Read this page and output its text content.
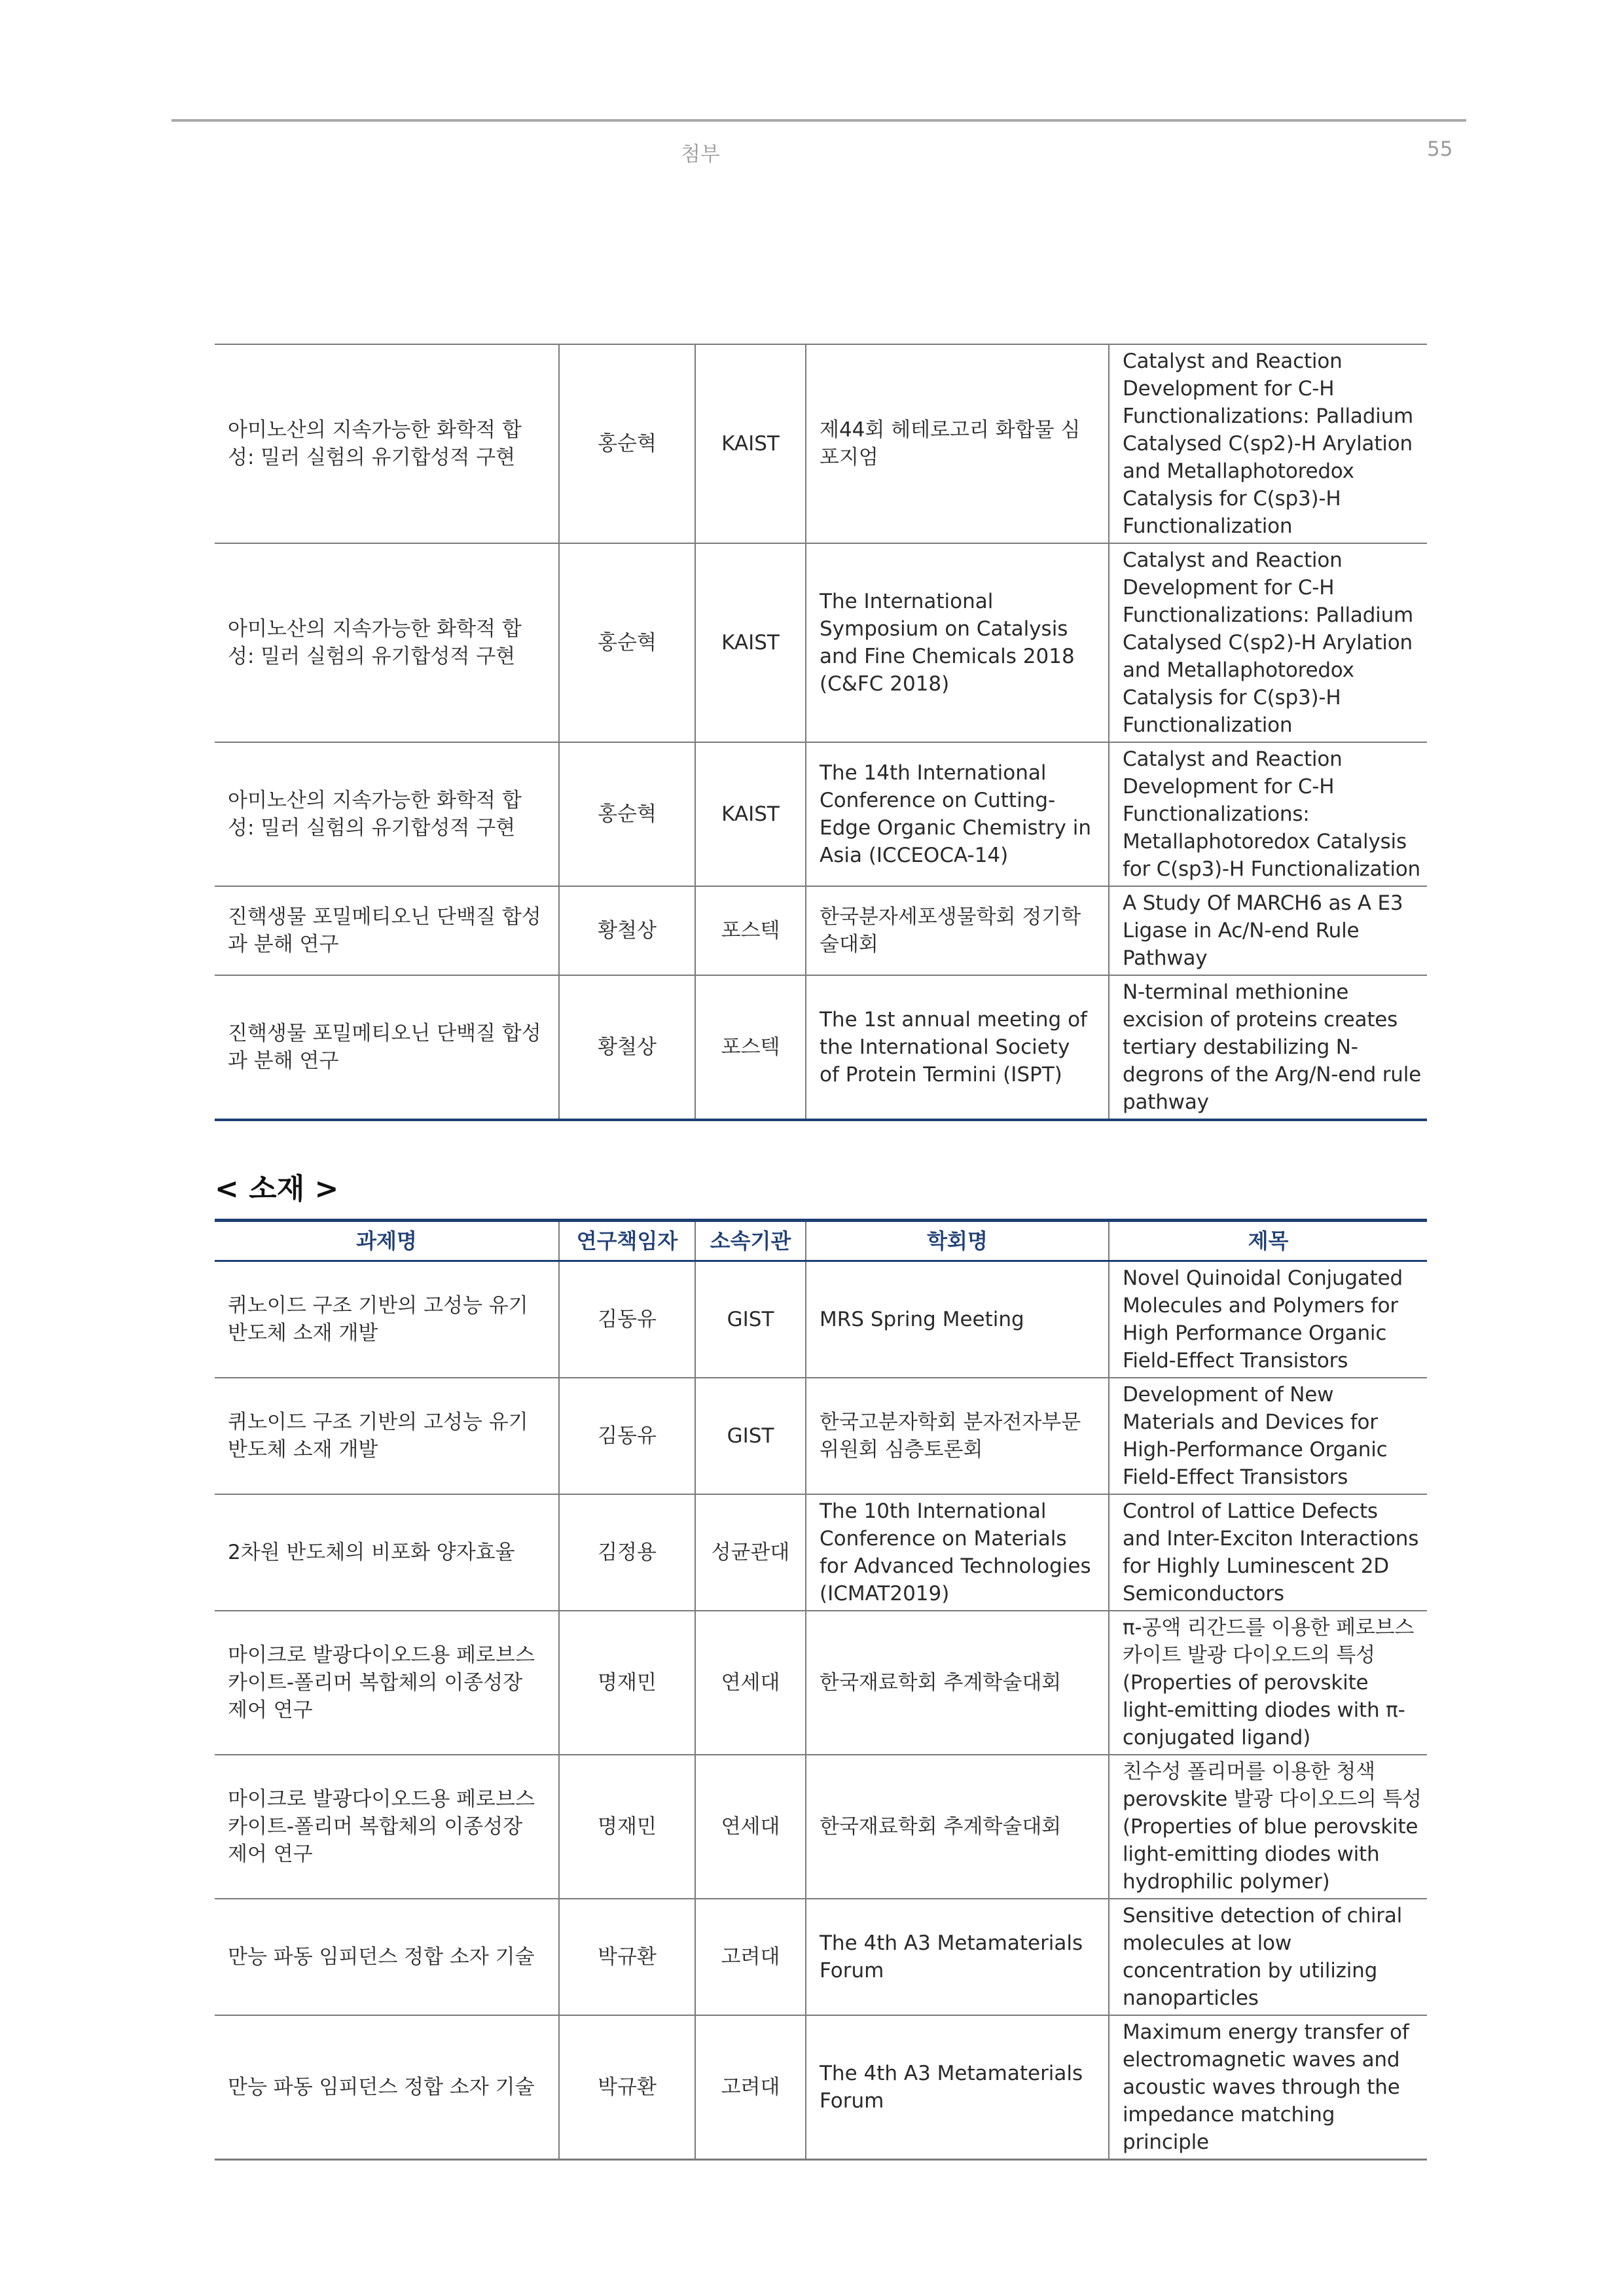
첨부	55
아미노산의 지속가능한 화학적 합성: 밀러 실험의 유기합성적 구현	홍순혁	KAIST	제44회 헤테로고리 화합물 심포지엄	Catalyst and Reaction Development for C-H Functionalizations: Palladium Catalysed C(sp2)-H Arylation and Metallaphotoredox Catalysis for C(sp3)-H Functionalization
아미노산의 지속가능한 화학적 합성: 밀러 실험의 유기합성적 구현	홍순혁	KAIST	The International Symposium on Catalysis and Fine Chemicals 2018 (C&FC 2018)	Catalyst and Reaction Development for C-H Functionalizations: Palladium Catalysed C(sp2)-H Arylation and Metallaphotoredox Catalysis for C(sp3)-H Functionalization
아미노산의 지속가능한 화학적 합성: 밀러 실험의 유기합성적 구현	홍순혁	KAIST	The 14th International Conference on Cutting-Edge Organic Chemistry in Asia (ICCEOCA-14)	Catalyst and Reaction Development for C-H Functionalizations: Metallaphotoredox Catalysis for C(sp3)-H Functionalization
진핵생물 포밀메티오닌 단백질 합성과 분해 연구	황철상	포스텍	한국분자세포생물학회 정기학술대회	A Study Of MARCH6 as A E3 Ligase in Ac/N-end Rule Pathway
진핵생물 포밀메티오닌 단백질 합성과 분해 연구	황철상	포스텍	The 1st annual meeting of the International Society of Protein Termini (ISPT)	N-terminal methionine excision of proteins creates tertiary destabilizing N-degrons of the Arg/N-end rule pathway
< 소재 >
과제명	연구책임자	소속기관	학회명	제목
퀴노이드 구조 기반의 고성능 유기 반도체 소재 개발	김동유	GIST	MRS Spring Meeting	Novel Quinoidal Conjugated Molecules and Polymers for High Performance Organic Field-Effect Transistors
퀴노이드 구조 기반의 고성능 유기 반도체 소재 개발	김동유	GIST	한국고분자학회 분자전자부문위원회 심층토론회	Development of New Materials and Devices for High-Performance Organic Field-Effect Transistors
2차원 반도체의 비포화 양자효율	김정용	성균관대	The 10th International Conference on Materials for Advanced Technologies (ICMAT2019)	Control of Lattice Defects and Inter-Exciton Interactions for Highly Luminescent 2D Semiconductors
마이크로 발광다이오드용 페로브스카이트-폴리머 복합체의 이종성장 제어 연구	명재민	연세대	한국재료학회 추계학술대회	π-공액 리간드를 이용한 페로브스카이트 발광 다이오드의 특성 (Properties of perovskite light-emitting diodes with π-conjugated ligand)
마이크로 발광다이오드용 페로브스카이트-폴리머 복합체의 이종성장 제어 연구	명재민	연세대	한국재료학회 추계학술대회	친수성 폴리머를 이용한 청색 perovskite 발광 다이오드의 특성 (Properties of blue perovskite light-emitting diodes with hydrophilic polymer)
만능 파동 임피던스 정합 소자 기술	박규환	고려대	The 4th A3 Metamaterials Forum	Sensitive detection of chiral molecules at low concentration by utilizing nanoparticles
만능 파동 임피던스 정합 소자 기술	박규환	고려대	The 4th A3 Metamaterials Forum	Maximum energy transfer of electromagnetic waves and acoustic waves through the impedance matching principle
